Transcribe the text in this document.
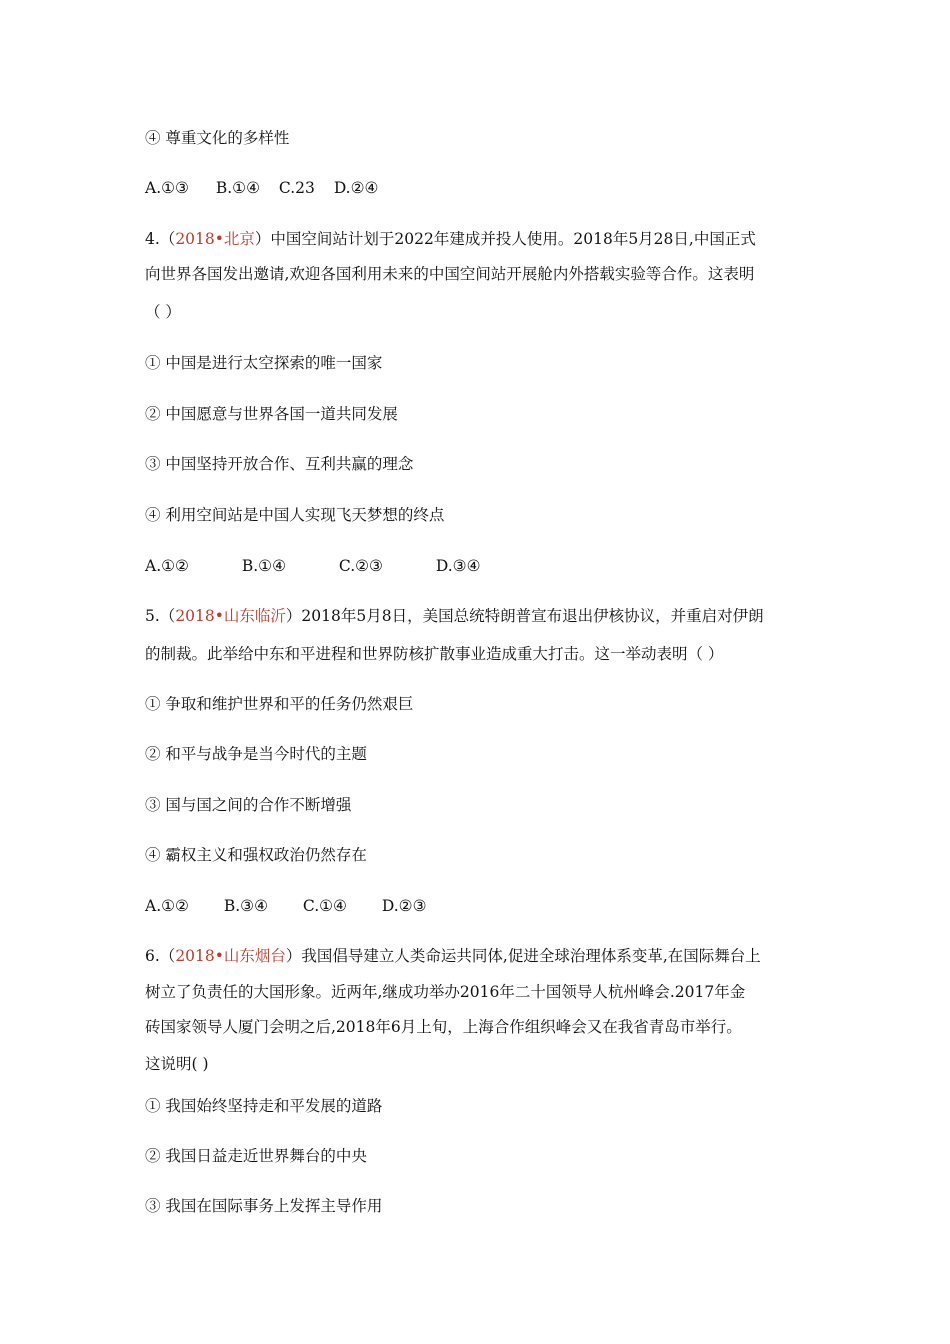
④ 尊重文化的多样性

A.①③ B.①④ C.23 D.②④

4.（2018•北京）中国空间站计划于2022年建成并投人使用。2018年5月28日,中国正式

向世界各国发出邀请,欢迎各国利用未来的中国空间站开展舱内外搭载实验等合作。这表明

（ ）

① 中国是进行太空探索的唯一国家

② 中国愿意与世界各国一道共同发展

③ 中国坚持开放合作、互利共赢的理念

④ 利用空间站是中国人实现飞天梦想的终点

A.①②	B.①④	C.②③	D.③④

5.（2018•山东临沂）2018年5月8日，美国总统特朗普宣布退出伊核协议，并重启对伊朗

的制裁。此举给中东和平进程和世界防核扩散事业造成重大打击。这一举动表明（ ）

① 争取和维护世界和平的任务仍然艰巨

② 和平与战争是当今时代的主题

③ 国与国之间的合作不断增强

④ 霸权主义和强权政治仍然存在

A.①② B.③④ C.①④ D.②③

6.（2018•山东烟台）我国倡导建立人类命运共同体,促进全球治理体系变革,在国际舞台上

树立了负责任的大国形象。近两年,继成功举办2016年二十国领导人杭州峰会.2017年金

砖国家领导人厦门会明之后,2018年6月上旬，上海合作组织峰会又在我省青岛市举行。

这说明( )

① 我国始终坚持走和平发展的道路

② 我国日益走近世界舞台的中央

③ 我国在国际事务上发挥主导作用
